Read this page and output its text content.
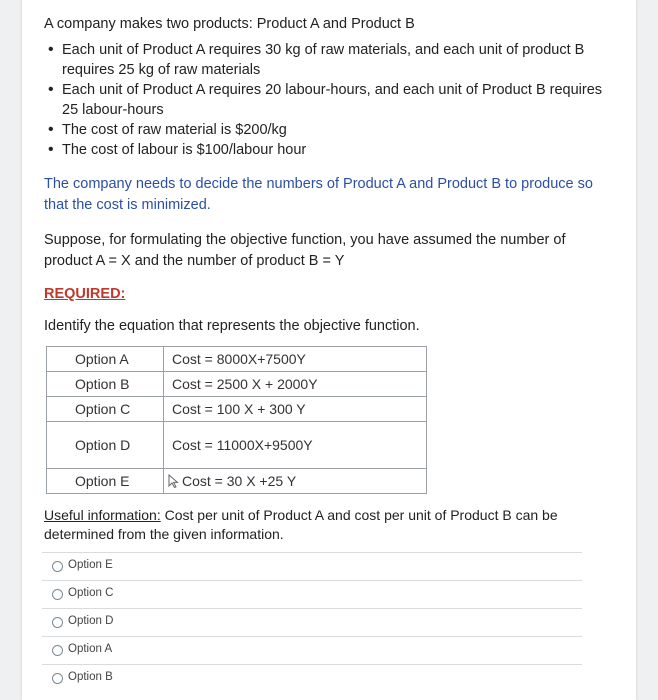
A company makes two products: Product A and Product B

• Each unit of Product A requires 30 kg of raw materials, and each unit of product B requires 25 kg of raw materials
• Each unit of Product A requires 20 labour-hours, and each unit of Product B requires 25 labour-hours
• The cost of raw material is $200/kg
• The cost of labour is $100/labour hour

The company needs to decide the numbers of Product A and Product B to produce so that the cost is minimized.

Suppose, for formulating the objective function, you have assumed the number of product A = X and the number of product B = Y

REQUIRED:

Identify the equation that represents the objective function.

Option A	Cost = 8000X+7500Y
Option B	Cost = 2500 X + 2000Y
Option C	Cost = 100 X + 300 Y
Option D	Cost = 11000X+9500Y
Option E	Cost = 30 X +25 Y

Useful information: Cost per unit of Product A and cost per unit of Product B can be determined from the given information.

Option E
Option C
Option D
Option A
Option B
